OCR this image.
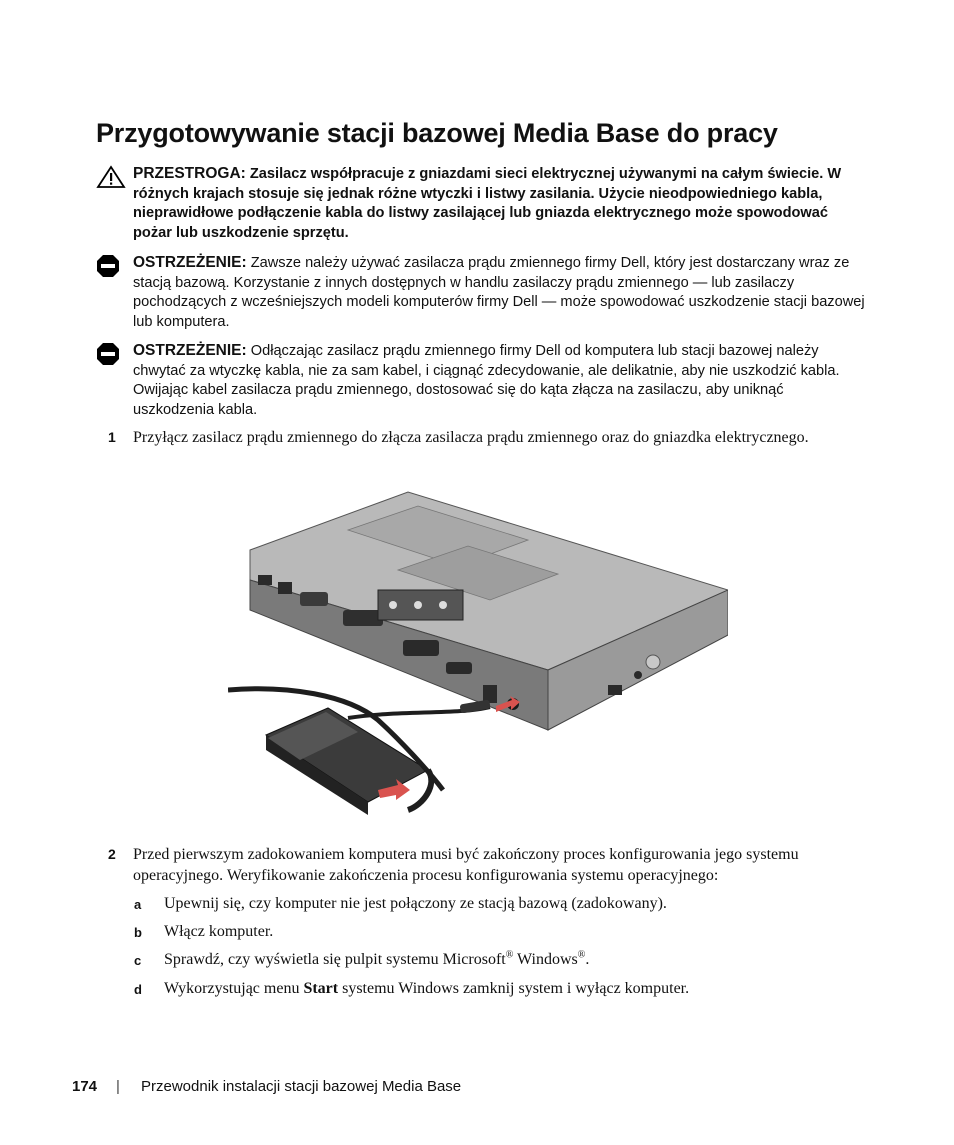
Przygotowywanie stacji bazowej Media Base do pracy
PRZESTROGA: Zasilacz współpracuje z gniazdami sieci elektrycznej używanymi na całym świecie. W różnych krajach stosuje się jednak różne wtyczki i listwy zasilania. Użycie nieodpowiedniego kabla, nieprawidłowe podłączenie kabla do listwy zasilającej lub gniazda elektrycznego może spowodować pożar lub uszkodzenie sprzętu.
OSTRZEŻENIE: Zawsze należy używać zasilacza prądu zmiennego firmy Dell, który jest dostarczany wraz ze stacją bazową. Korzystanie z innych dostępnych w handlu zasilaczy prądu zmiennego — lub zasilaczy pochodzących z wcześniejszych modeli komputerów firmy Dell — może spowodować uszkodzenie stacji bazowej lub komputera.
OSTRZEŻENIE: Odłączając zasilacz prądu zmiennego firmy Dell od komputera lub stacji bazowej należy chwytać za wtyczkę kabla, nie za sam kabel, i ciągnąć zdecydowanie, ale delikatnie, aby nie uszkodzić kabla. Owijając kabel zasilacza prądu zmiennego, dostosować się do kąta złącza na zasilaczu, aby uniknąć uszkodzenia kabla.
1 Przyłącz zasilacz prądu zmiennego do złącza zasilacza prądu zmiennego oraz do gniazdka elektrycznego.
2 Przed pierwszym zadokowaniem komputera musi być zakończony proces konfigurowania jego systemu operacyjnego. Weryfikowanie zakończenia procesu konfigurowania systemu operacyjnego:
a Upewnij się, czy komputer nie jest połączony ze stacją bazową (zadokowany).
b Włącz komputer.
c Sprawdź, czy wyświetla się pulpit systemu Microsoft® Windows®.
d Wykorzystując menu Start systemu Windows zamknij system i wyłącz komputer.
174 | Przewodnik instalacji stacji bazowej Media Base
